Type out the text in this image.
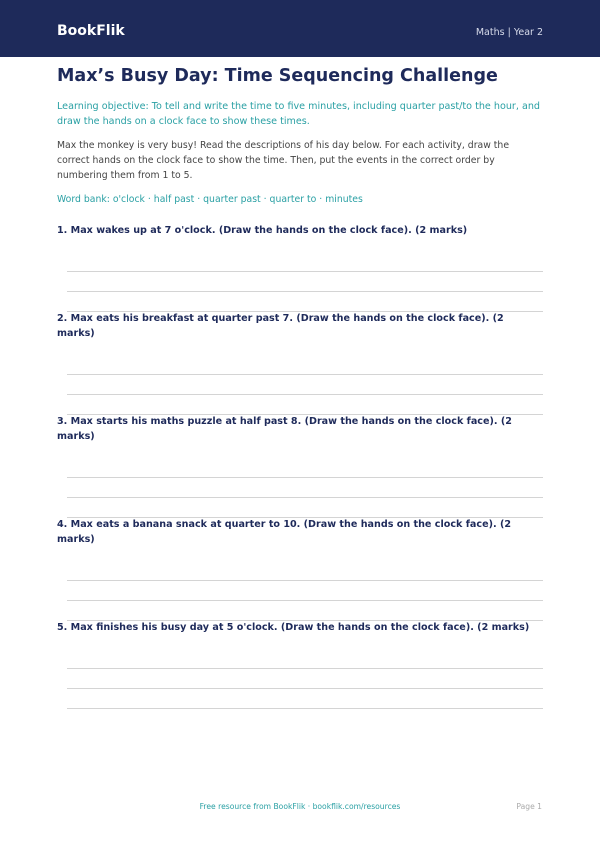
BookFlik	Maths | Year 2
Max’s Busy Day: Time Sequencing Challenge

Learning objective: To tell and write the time to five minutes, including quarter past/to the hour, and draw the hands on a clock face to show these times.

Max the monkey is very busy! Read the descriptions of his day below. For each activity, draw the correct hands on the clock face to show the time. Then, put the events in the correct order by numbering them from 1 to 5.

Word bank: o'clock · half past · quarter past · quarter to · minutes

1. Max wakes up at 7 o'clock. (Draw the hands on the clock face). (2 marks)
2. Max eats his breakfast at quarter past 7. (Draw the hands on the clock face). (2 marks)
3. Max starts his maths puzzle at half past 8. (Draw the hands on the clock face). (2 marks)
4. Max eats a banana snack at quarter to 10. (Draw the hands on the clock face). (2 marks)
5. Max finishes his busy day at 5 o'clock. (Draw the hands on the clock face). (2 marks)
Free resource from BookFlik · bookflik.com/resources	Page 1
